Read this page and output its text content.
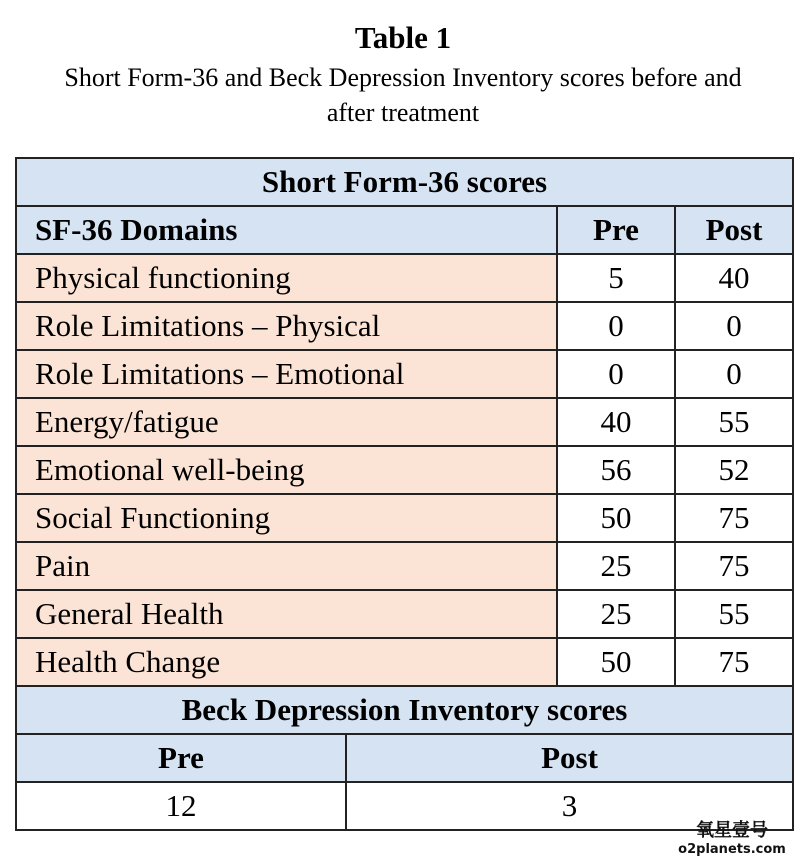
Table 1
Short Form-36 and Beck Depression Inventory scores before and
after treatment
Short Form-36 scores			
SF-36 Domains		Pre	Post
Physical functioning		5	40
Role Limitations – Physical		0	0
Role Limitations – Emotional		0	0
Energy/fatigue		40	55
Emotional well-being		56	52
Social Functioning		50	75
Pain		25	75
General Health		25	55
Health Change		50	75
Beck Depression Inventory scores			
Pre	Post		
12	3		
氧星壹号
o2planets.com
